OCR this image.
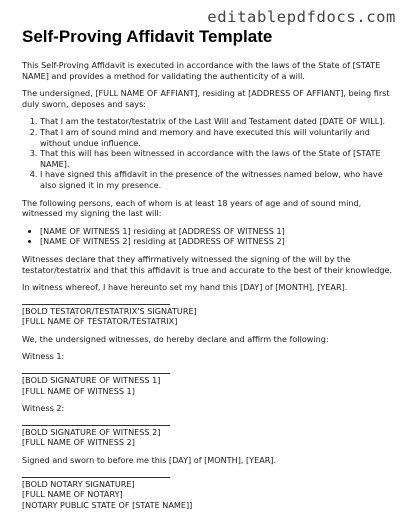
editablepdfdocs.com
Self-Proving Affidavit Template

This Self-Proving Affidavit is executed in accordance with the laws of the State of [STATE NAME] and provides a method for validating the authenticity of a will.

The undersigned, [FULL NAME OF AFFIANT], residing at [ADDRESS OF AFFIANT], being first duly sworn, deposes and says:

1. That I am the testator/testatrix of the Last Will and Testament dated [DATE OF WILL].
2. That I am of sound mind and memory and have executed this will voluntarily and without undue influence.
3. That this will has been witnessed in accordance with the laws of the State of [STATE NAME].
4. I have signed this affidavit in the presence of the witnesses named below, who have also signed it in my presence.

The following persons, each of whom is at least 18 years of age and of sound mind, witnessed my signing the last will:

• [NAME OF WITNESS 1] residing at [ADDRESS OF WITNESS 1]
• [NAME OF WITNESS 2] residing at [ADDRESS OF WITNESS 2]

Witnesses declare that they affirmatively witnessed the signing of the will by the testator/testatrix and that this affidavit is true and accurate to the best of their knowledge.

In witness whereof, I have hereunto set my hand this [DAY] of [MONTH], [YEAR].

[BOLD TESTATOR/TESTATRIX'S SIGNATURE]
[FULL NAME OF TESTATOR/TESTATRIX]

We, the undersigned witnesses, do hereby declare and affirm the following:

Witness 1:

[BOLD SIGNATURE OF WITNESS 1]
[FULL NAME OF WITNESS 1]

Witness 2:

[BOLD SIGNATURE OF WITNESS 2]
[FULL NAME OF WITNESS 2]

Signed and sworn to before me this [DAY] of [MONTH], [YEAR].

[BOLD NOTARY SIGNATURE]
[FULL NAME OF NOTARY]
[NOTARY PUBLIC STATE OF [STATE NAME]]
